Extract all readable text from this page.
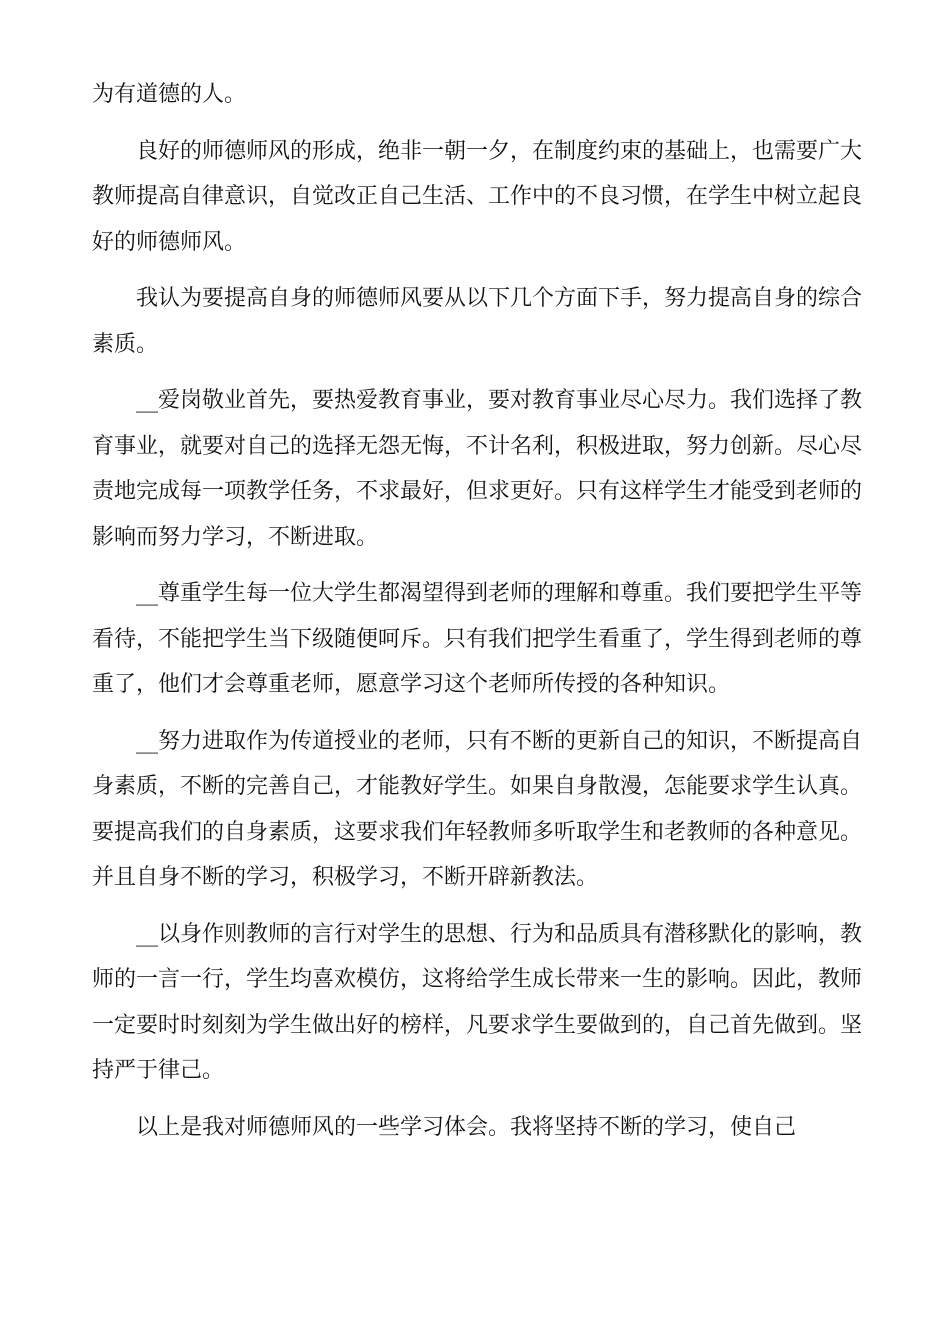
为有道德的人。

良好的师德师风的形成，绝非一朝一夕，在制度约束的基础上，也需要广大教师提高自律意识，自觉改正自己生活、工作中的不良习惯，在学生中树立起良好的师德师风。

我认为要提高自身的师德师风要从以下几个方面下手，努力提高自身的综合素质。

__爱岗敬业首先，要热爱教育事业，要对教育事业尽心尽力。我们选择了教育事业，就要对自己的选择无怨无悔，不计名利，积极进取，努力创新。尽心尽责地完成每一项教学任务，不求最好，但求更好。只有这样学生才能受到老师的影响而努力学习，不断进取。

__尊重学生每一位大学生都渴望得到老师的理解和尊重。我们要把学生平等看待，不能把学生当下级随便呵斥。只有我们把学生看重了，学生得到老师的尊重了，他们才会尊重老师，愿意学习这个老师所传授的各种知识。

__努力进取作为传道授业的老师，只有不断的更新自己的知识，不断提高自身素质，不断的完善自己，才能教好学生。如果自身散漫，怎能要求学生认真。要提高我们的自身素质，这要求我们年轻教师多听取学生和老教师的各种意见。并且自身不断的学习，积极学习，不断开辟新教法。

__以身作则教师的言行对学生的思想、行为和品质具有潜移默化的影响，教师的一言一行，学生均喜欢模仿，这将给学生成长带来一生的影响。因此，教师一定要时时刻刻为学生做出好的榜样，凡要求学生要做到的，自己首先做到。坚持严于律己。

以上是我对师德师风的一些学习体会。我将坚持不断的学习，使自己
